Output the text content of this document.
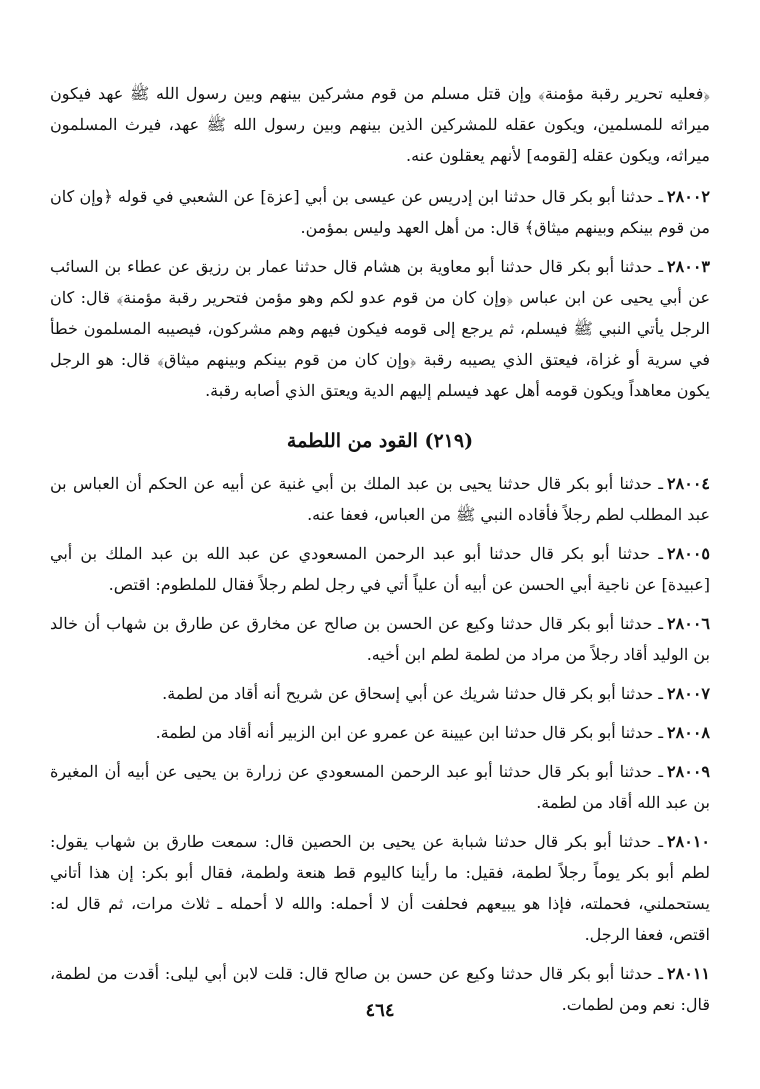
﴿فعليه تحرير رقبة مؤمنة﴾ وإن قتل مسلم من قوم مشركين بينهم وبين رسول الله ﷺ عهد فيكون ميراثه للمسلمين، ويكون عقله للمشركين الذين بينهم وبين رسول الله ﷺ عهد، فيرث المسلمون ميراثه، ويكون عقله [لقومه] لأنهم يعقلون عنه.

٢٨٠٠٢ـ حدثنا أبو بكر قال حدثنا ابن إدريس عن عيسى بن أبي [عزة] عن الشعبي في قوله ﴿وإن كان من قوم بينكم وبينهم ميثاق﴾ قال: من أهل العهد وليس بمؤمن.

٢٨٠٠٣ـ حدثنا أبو بكر قال حدثنا أبو معاوية بن هشام قال حدثنا عمار بن رزيق عن عطاء بن السائب عن أبي يحيى عن ابن عباس ﴿وإن كان من قوم عدو لكم وهو مؤمن فتحرير رقبة مؤمنة﴾ قال: كان الرجل يأتي النبي ﷺ فيسلم، ثم يرجع إلى قومه فيكون فيهم وهم مشركون، فيصيبه المسلمون خطأ في سرية أو غزاة، فيعتق الذي يصيبه رقبة ﴿وإن كان من قوم بينكم وبينهم ميثاق﴾ قال: هو الرجل يكون معاهداً ويكون قومه أهل عهد فيسلم إليهم الدية ويعتق الذي أصابه رقبة.

(٢١٩) القود من اللطمة

٢٨٠٠٤ـ حدثنا أبو بكر قال حدثنا يحيى بن عبد الملك بن أبي غنية عن أبيه عن الحكم أن العباس بن عبد المطلب لطم رجلاً فأقاده النبي ﷺ من العباس، فعفا عنه.

٢٨٠٠٥ـ حدثنا أبو بكر قال حدثنا أبو عبد الرحمن المسعودي عن عبد الله بن عبد الملك بن أبي [عبيدة] عن ناجية أبي الحسن عن أبيه أن علياً أتي في رجل لطم رجلاً فقال للملطوم: اقتص.

٢٨٠٠٦ـ حدثنا أبو بكر قال حدثنا وكيع عن الحسن بن صالح عن مخارق عن طارق بن شهاب أن خالد بن الوليد أقاد رجلاً من مراد من لطمة لطم ابن أخيه.

٢٨٠٠٧ـ حدثنا أبو بكر قال حدثنا شريك عن أبي إسحاق عن شريح أنه أقاد من لطمة.

٢٨٠٠٨ـ حدثنا أبو بكر قال حدثنا ابن عيينة عن عمرو عن ابن الزبير أنه أقاد من لطمة.

٢٨٠٠٩ـ حدثنا أبو بكر قال حدثنا أبو عبد الرحمن المسعودي عن زرارة بن يحيى عن أبيه أن المغيرة بن عبد الله أقاد من لطمة.

٢٨٠١٠ـ حدثنا أبو بكر قال حدثنا شبابة عن يحيى بن الحصين قال: سمعت طارق بن شهاب يقول: لطم أبو بكر يوماً رجلاً لطمة، فقيل: ما رأينا كاليوم قط هنعة ولطمة، فقال أبو بكر: إن هذا أتاني يستحملني، فحملته، فإذا هو يبيعهم فحلفت أن لا أحمله: والله لا أحمله ـ ثلاث مرات، ثم قال له: اقتص، فعفا الرجل.

٢٨٠١١ـ حدثنا أبو بكر قال حدثنا وكيع عن حسن بن صالح قال: قلت لابن أبي ليلى: أقدت من لطمة، قال: نعم ومن لطمات.

٤٦٤
